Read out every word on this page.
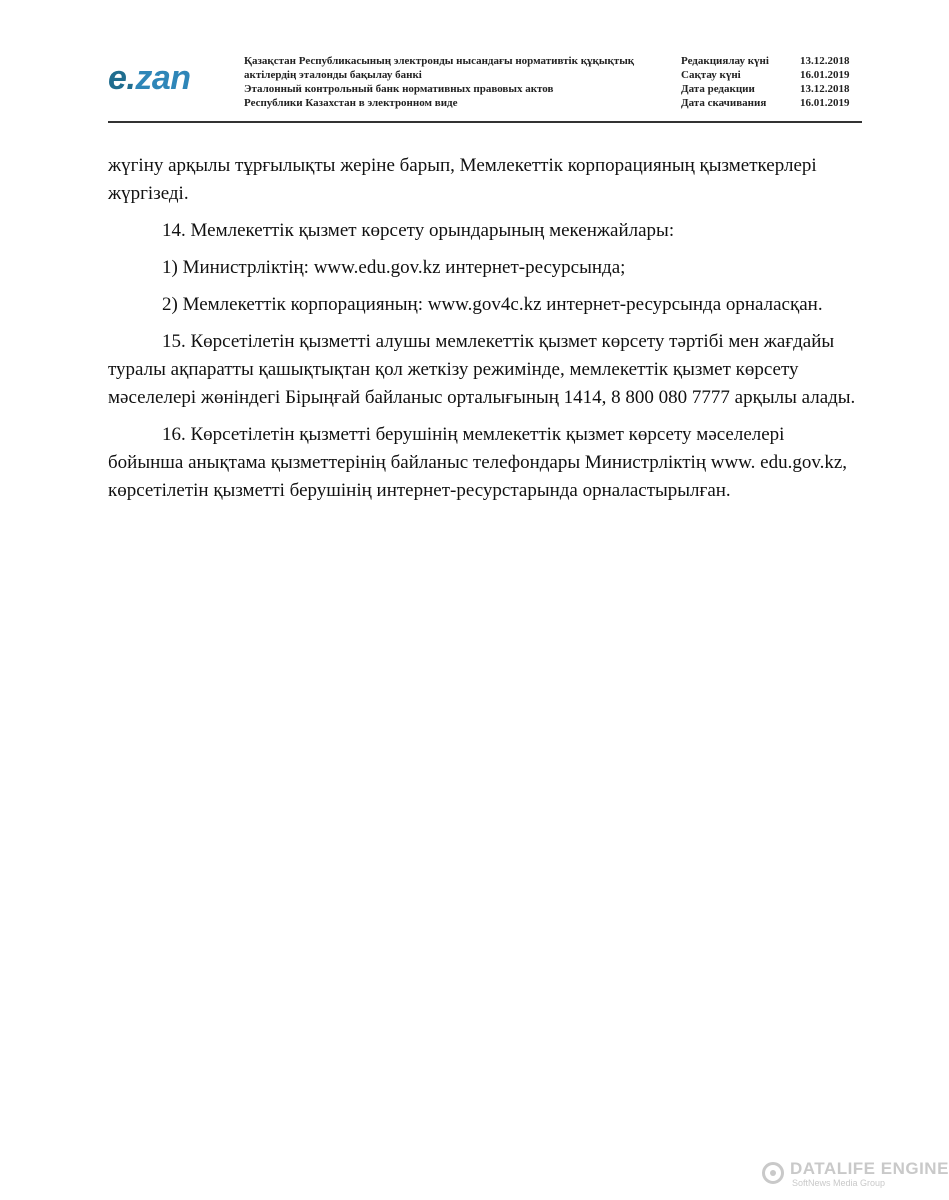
e.zan	Қазақстан Республикасының электронды нысандағы нормативтік құқықтық
актілердің эталонды бақылау банкі
Эталонный контрольный банк нормативных правовых актов
Республики Казахстан в электронном виде
Редакциялау күні	13.12.2018
Сақтау күні	16.01.2019
Дата редакции	13.12.2018
Дата скачивания	16.01.2019

жүгіну арқылы тұрғылықты жеріне барып, Мемлекеттік корпорацияның қызметкерлері жүргізеді.

14. Мемлекеттік қызмет көрсету орындарының мекенжайлары:

1) Министрліктің: www.edu.gov.kz интернет-ресурсында;

2) Мемлекеттік корпорацияның: www.gov4c.kz интернет-ресурсында орналасқан.

15. Көрсетілетін қызметті алушы мемлекеттік қызмет көрсету тәртібі мен жағдайы туралы ақпаратты қашықтықтан қол жеткізу режимінде, мемлекеттік қызмет көрсету мәселелері жөніндегі Бірыңғай байланыс орталығының 1414, 8 800 080 7777 арқылы алады.

16. Көрсетілетін қызметті берушінің мемлекеттік қызмет көрсету мәселелері бойынша анықтама қызметтерінің байланыс телефондары Министрліктің www. edu.gov.kz, көрсетілетін қызметті берушінің интернет-ресурстарында орналастырылған.

DATALIFE ENGINE
SoftNews Media Group
